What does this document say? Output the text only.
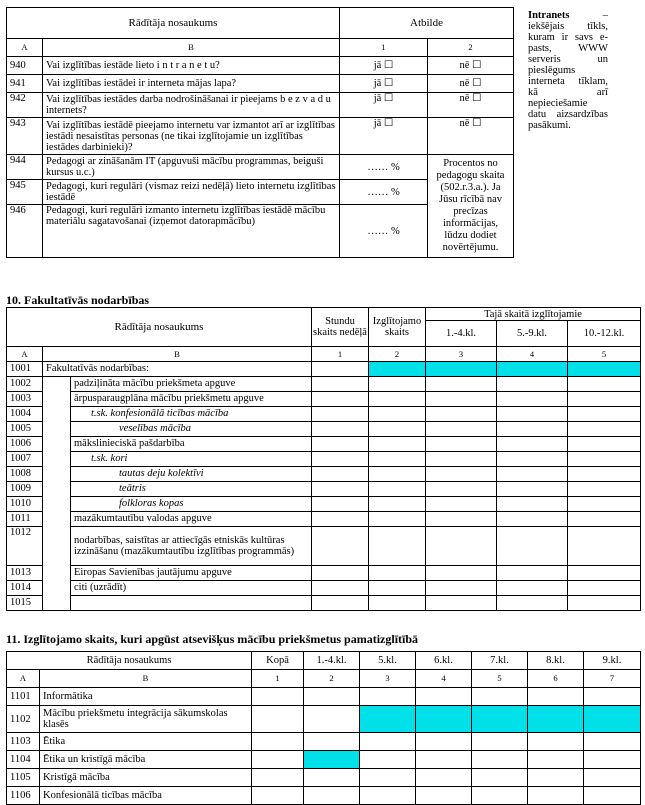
Rādītāja nosaukums		Atbilde	
A	B	1	2
940	Vai izglītības iestāde lieto i n t r a n e t u?	jā ☐	nē ☐
941	Vai izglītības iestādei ir interneta mājas lapa?	jā ☐	nē ☐
942	Vai izglītības iestādes darba nodrošināšanai ir pieejams b e z v a d u internets?	jā ☐	nē ☐
943	Vai izglītības iestādē pieejamo internetu var izmantot arī ar izglītības iestādi nesaistītas personas (ne tikai izglītojamie un izglītības iestādes darbinieki)?	jā ☐	nē ☐
944	Pedagogi ar zināšanām IT (apguvuši mācību programmas, beiguši kursus u.c.)	…… %	Procentos no pedagogu skaita (502.r.3.a.). Ja Jūsu rīcībā nav precīzas informācijas, lūdzu dodiet novērtējumu.
945	Pedagogi, kuri regulāri (vismaz reizi nedēļā) lieto internetu izglītības iestādē	…… %	
946	Pedagogi, kuri regulāri izmanto internetu izglītības iestādē mācību materiālu sagatavošanai (izņemot datorapmācību)	…… %	
Intranets – iekšējais tīkls, kuram ir savs e-pasts, WWW serveris un pieslēgums interneta tīklam, kā arī nepieciešamie datu aizsardzības pasākumi.
10. Fakultatīvās nodarbības
Rādītāja nosaukums			Stundu skaits nedēļā	Izglītojamo skaits	Tajā skaitā izglītojamie		
					1.-4.kl.	5.-9.kl.	10.-12.kl.
A	B		1	2	3	4	5
1001	Fakultatīvās nodarbības:						
1002		padziļināta mācību priekšmeta apguve					
1003		ārpusparaugplāna mācību priekšmetu apguve					
1004		t.sk. konfesionālā ticības mācība					
1005		veselības mācība					
1006		mākslinieciskā pašdarbība					
1007		t.sk. kori					
1008		tautas deju kolektīvi					
1009		teātris					
1010		folkloras kopas					
1011		mazākumtautību valodas apguve					
1012		nodarbības, saistītas ar attiecīgās etniskās kultūras izzināšanu (mazākumtautību izglītības programmās)					
1013		Eiropas Savienības jautājumu apguve					
1014		citi (uzrādīt)					
1015							
11. Izglītojamo skaits, kuri apgūst atsevišķus mācību priekšmetus pamatizglītībā
Rādītāja nosaukums		Kopā	1.-4.kl.	5.kl.	6.kl.	7.kl.	8.kl.	9.kl.
A	B	1	2	3	4	5	6	7
1101	Informātika							
1102	Mācību priekšmetu integrācija sākumskolas klasēs							
1103	Ētika							
1104	Ētika un kristīgā mācība							
1105	Kristīgā mācība							
1106	Konfesionālā ticības mācība							
